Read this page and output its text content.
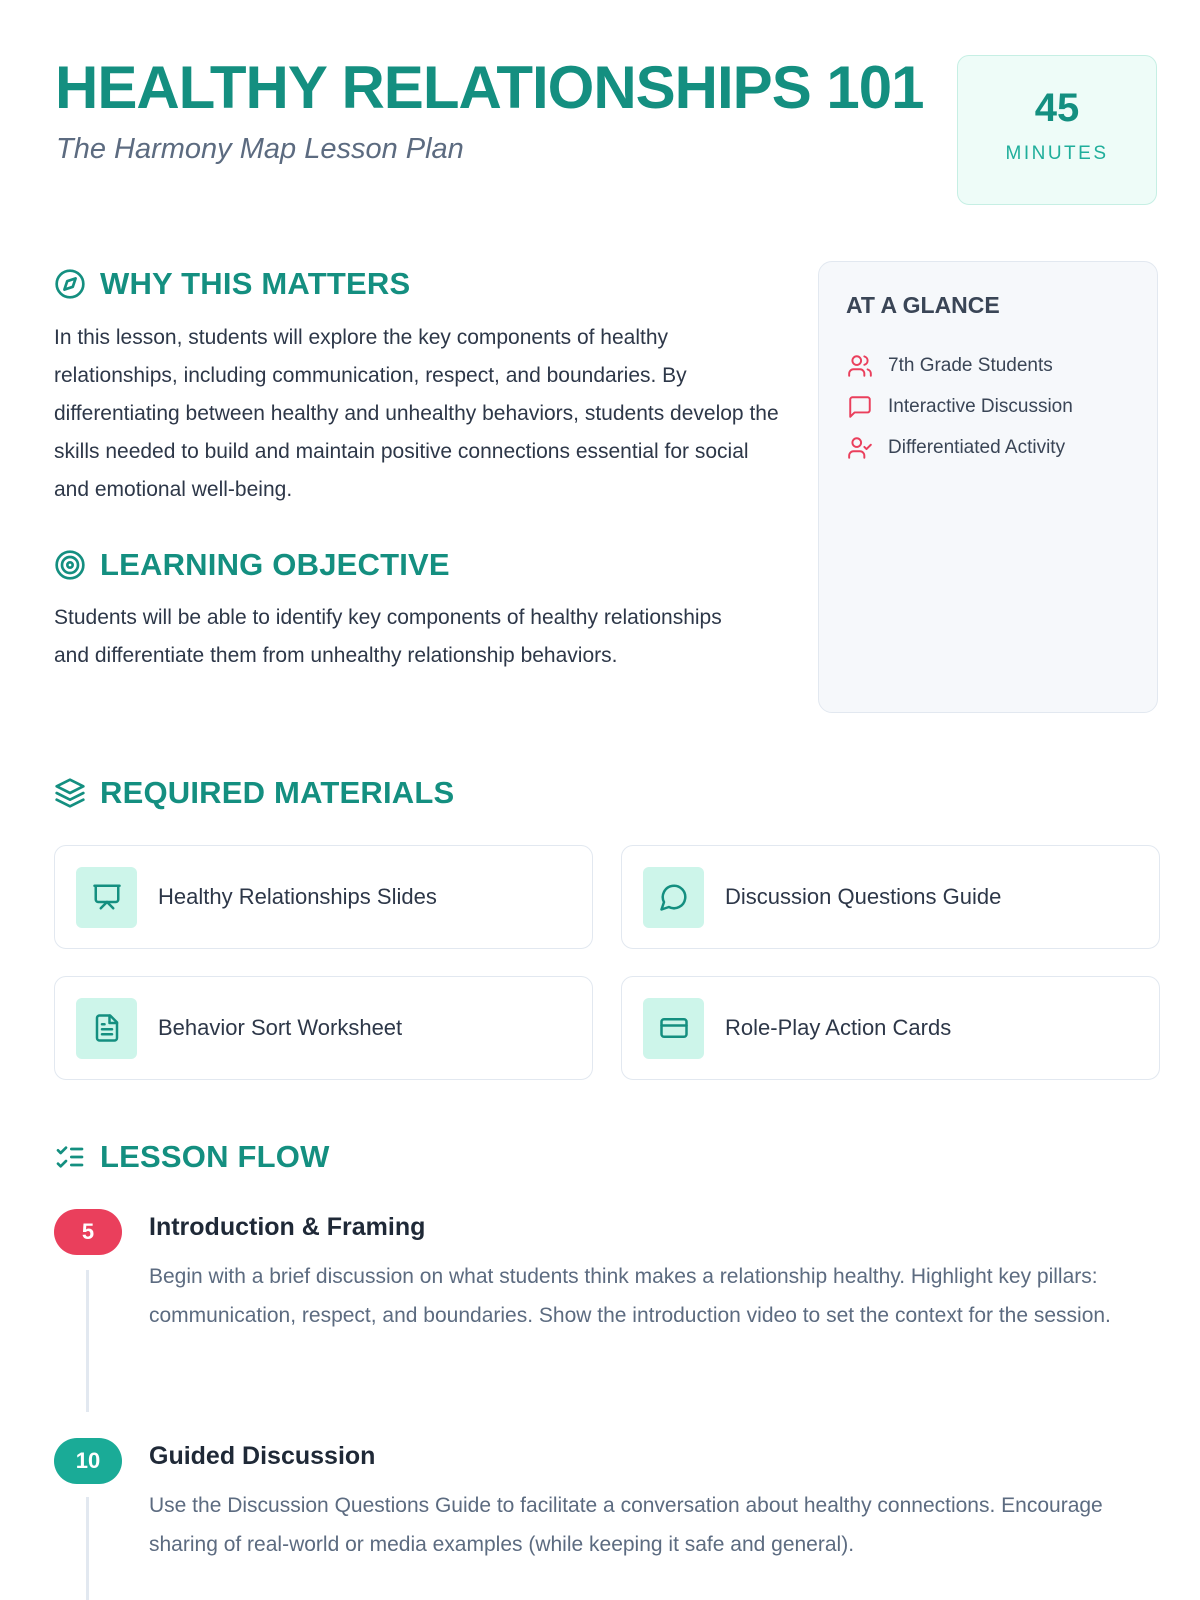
HEALTHY RELATIONSHIPS 101
The Harmony Map Lesson Plan
45
MINUTES
WHY THIS MATTERS

In this lesson, students will explore the key components of healthy relationships, including communication, respect, and boundaries. By differentiating between healthy and unhealthy behaviors, students develop the skills needed to build and maintain positive connections essential for social and emotional well-being.

LEARNING OBJECTIVE

Students will be able to identify key components of healthy relationships and differentiate them from unhealthy relationship behaviors.

AT A GLANCE
7th Grade Students
Interactive Discussion
Differentiated Activity
REQUIRED MATERIALS
Healthy Relationships Slides	Discussion Questions Guide
Behavior Sort Worksheet	Role-Play Action Cards
LESSON FLOW
5	Introduction & Framing

Begin with a brief discussion on what students think makes a relationship healthy. Highlight key pillars: communication, respect, and boundaries. Show the introduction video to set the context for the session.

10	Guided Discussion

Use the Discussion Questions Guide to facilitate a conversation about healthy connections. Encourage sharing of real-world or media examples (while keeping it safe and general).
